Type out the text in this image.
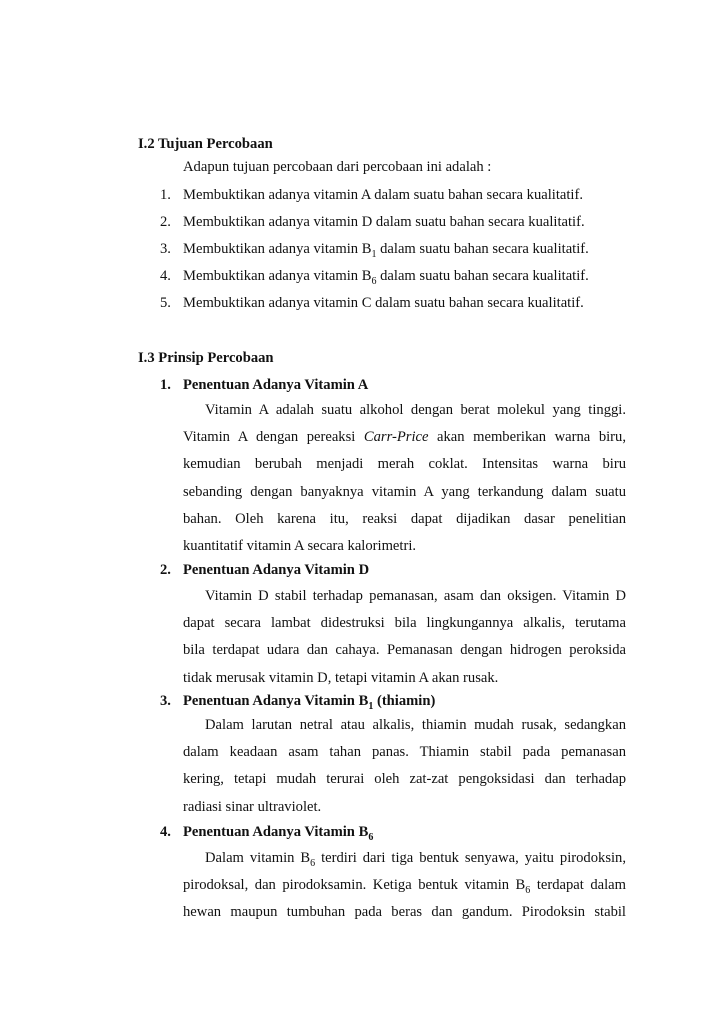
I.2 Tujuan Percobaan
Adapun tujuan percobaan dari percobaan ini adalah :
1. Membuktikan adanya vitamin A dalam suatu bahan secara kualitatif.
2. Membuktikan adanya vitamin D dalam suatu bahan secara kualitatif.
3. Membuktikan adanya vitamin $B_1$ dalam suatu bahan secara kualitatif.
4. Membuktikan adanya vitamin $B_6$ dalam suatu bahan secara kualitatif.
5. Membuktikan adanya vitamin C dalam suatu bahan secara kualitatif.
I.3 Prinsip Percobaan
1. Penentuan Adanya Vitamin A
Vitamin A adalah suatu alkohol dengan berat molekul yang tinggi.
Vitamin A dengan pereaksi Carr-Price akan memberikan warna biru,
kemudian berubah menjadi merah coklat. Intensitas warna biru
sebanding dengan banyaknya vitamin A yang terkandung dalam suatu
bahan. Oleh karena itu, reaksi dapat dijadikan dasar penelitian
kuantitatif vitamin A secara kalorimetri.
2. Penentuan Adanya Vitamin D
Vitamin D stabil terhadap pemanasan, asam dan oksigen. Vitamin D
dapat secara lambat didestruksi bila lingkungannya alkalis, terutama
bila terdapat udara dan cahaya. Pemanasan dengan hidrogen peroksida
tidak merusak vitamin D, tetapi vitamin A akan rusak.
3. Penentuan Adanya Vitamin $B_1$ (thiamin)
Dalam larutan netral atau alkalis, thiamin mudah rusak, sedangkan
dalam keadaan asam tahan panas. Thiamin stabil pada pemanasan
kering, tetapi mudah terurai oleh zat-zat pengoksidasi dan terhadap
radiasi sinar ultraviolet.
4. Penentuan Adanya Vitamin $B_6$
Dalam vitamin $B_6$ terdiri dari tiga bentuk senyawa, yaitu pirodoksin,
pirodoksal, dan pirodoksamin. Ketiga bentuk vitamin $B_6$ terdapat dalam
hewan maupun tumbuhan pada beras dan gandum. Pirodoksin stabil
